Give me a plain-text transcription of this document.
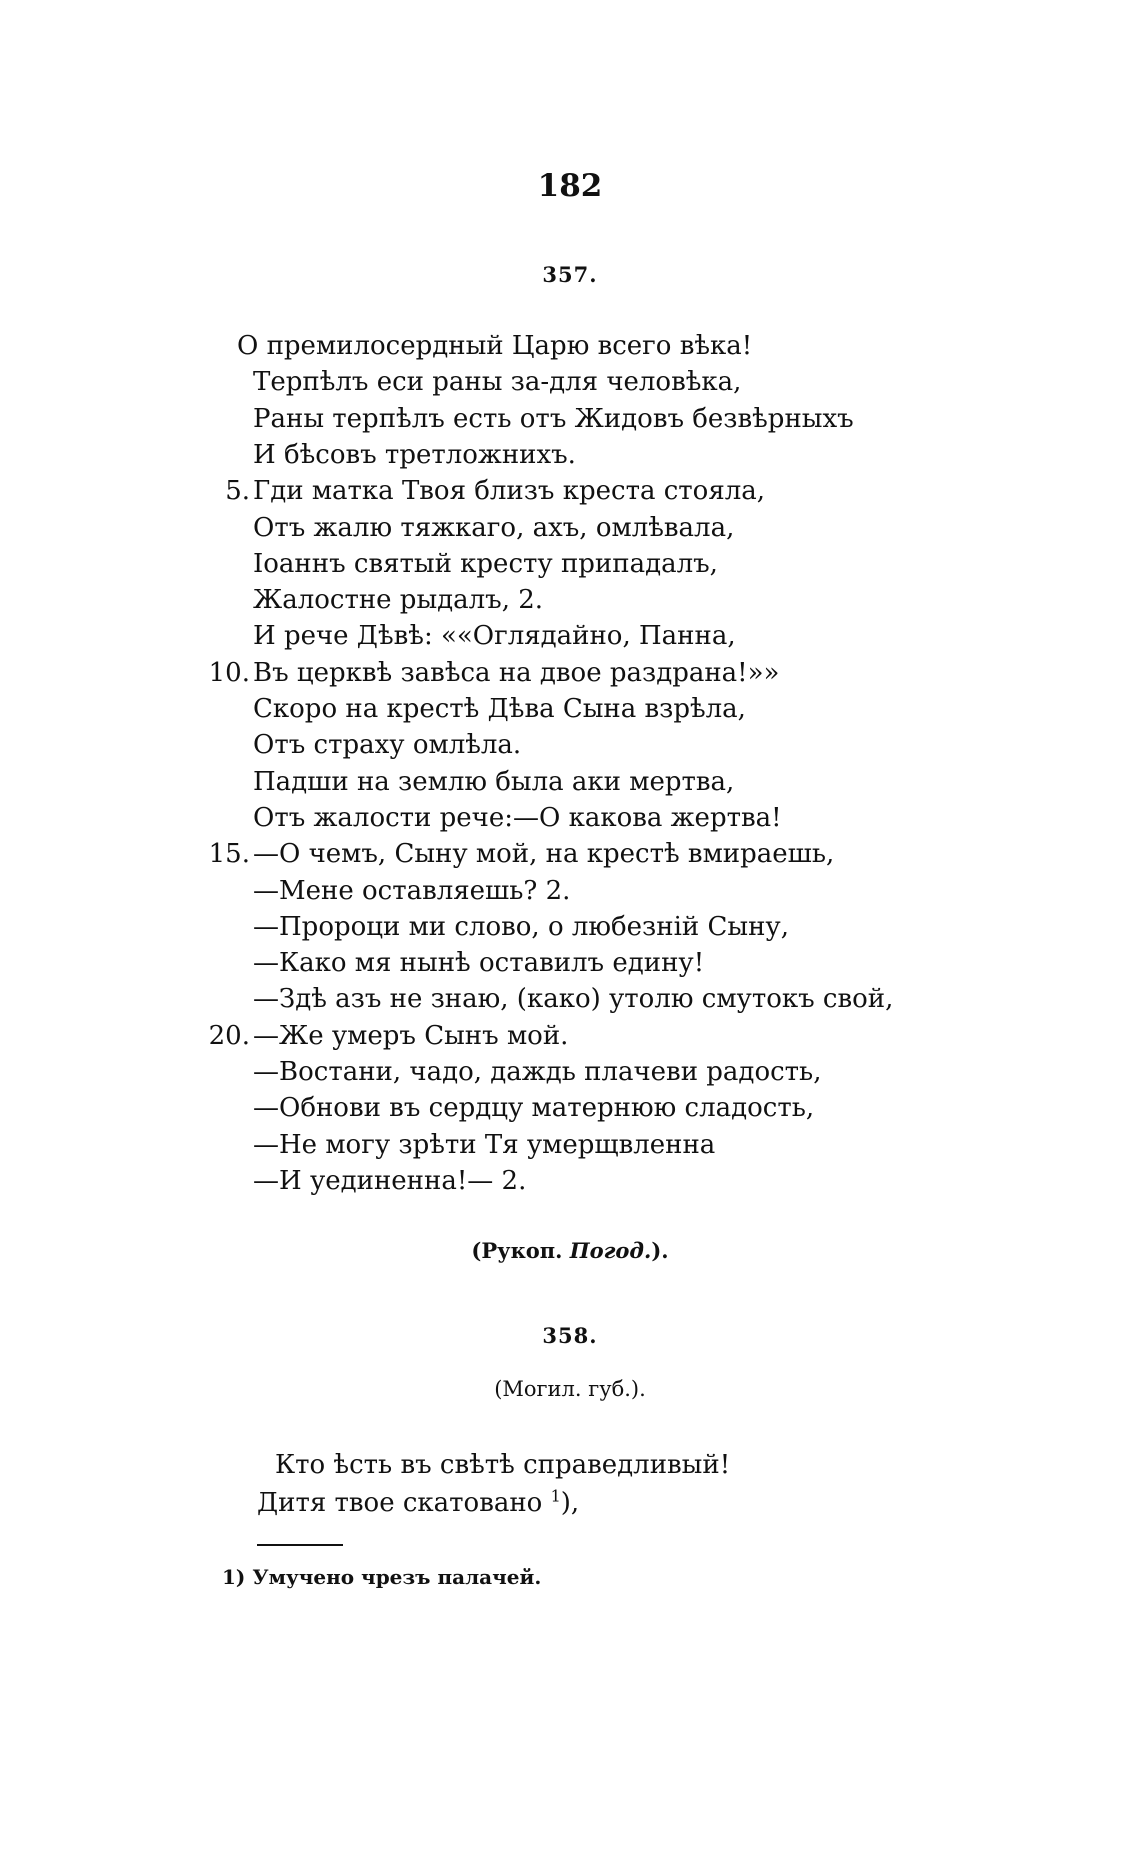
182
357.
О премилосердный Царю всего вѣка!
Терпѣлъ еси раны за-для человѣка,
Раны терпѣлъ есть отъ Жидовъ безвѣрныхъ
И бѣсовъ третложнихъ.
5. Гди матка Твоя близъ креста стояла,
Отъ жалю тяжкаго, ахъ, омлѣвала,
Іоаннъ святый кресту припадалъ,
Жалостне рыдалъ, 2.
И рече Дѣвѣ: ««Оглядайно, Панна,
10. Въ церквѣ завѣса на двое раздрана!»»
Скоро на крестѣ Дѣва Сына взрѣла,
Отъ страху омлѣла.
Падши на землю была аки мертва,
Отъ жалости рече:—О какова жертва!
15. —О чемъ, Сыну мой, на крестѣ вмираешь,
—Мене оставляешь? 2.
—Пророци ми слово, о любезній Сыну,
—Како мя нынѣ оставилъ едину!
—Здѣ азъ не знаю, (како) утолю смутокъ свой,
20. —Же умеръ Сынъ мой.
—Востани, чадо, даждь плачеви радость,
—Обнови въ сердцу матернюю сладость,
—Не могу зрѣти Тя умерщвленна
—И уединенна!— 2.
(Рукоп. Погод.).
358.
(Могил. губ.).
Кто ѣсть въ свѣтѣ справедливый!
Дитя твое скатовано $^1$),
1) Умучено чрезъ палачей.
